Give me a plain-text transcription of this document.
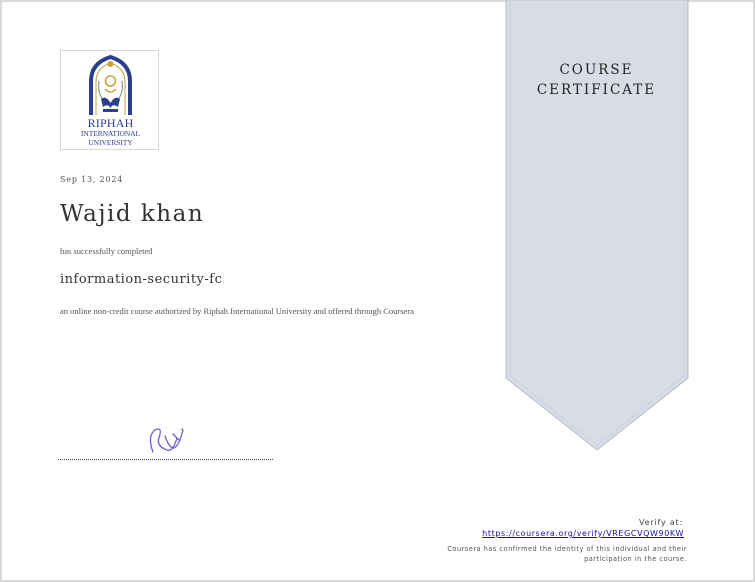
RIPHAH
INTERNATIONAL
UNIVERSITY
Sep 13, 2024
Wajid khan
has successfully completed
information-security-fc
an online non-credit course authorized by Riphah International University and offered through Coursera
COURSE
CERTIFICATE
Verify at:
https://coursera.org/verify/VREGCVQW90KW
Coursera has confirmed the identity of this individual and their participation in the course.
